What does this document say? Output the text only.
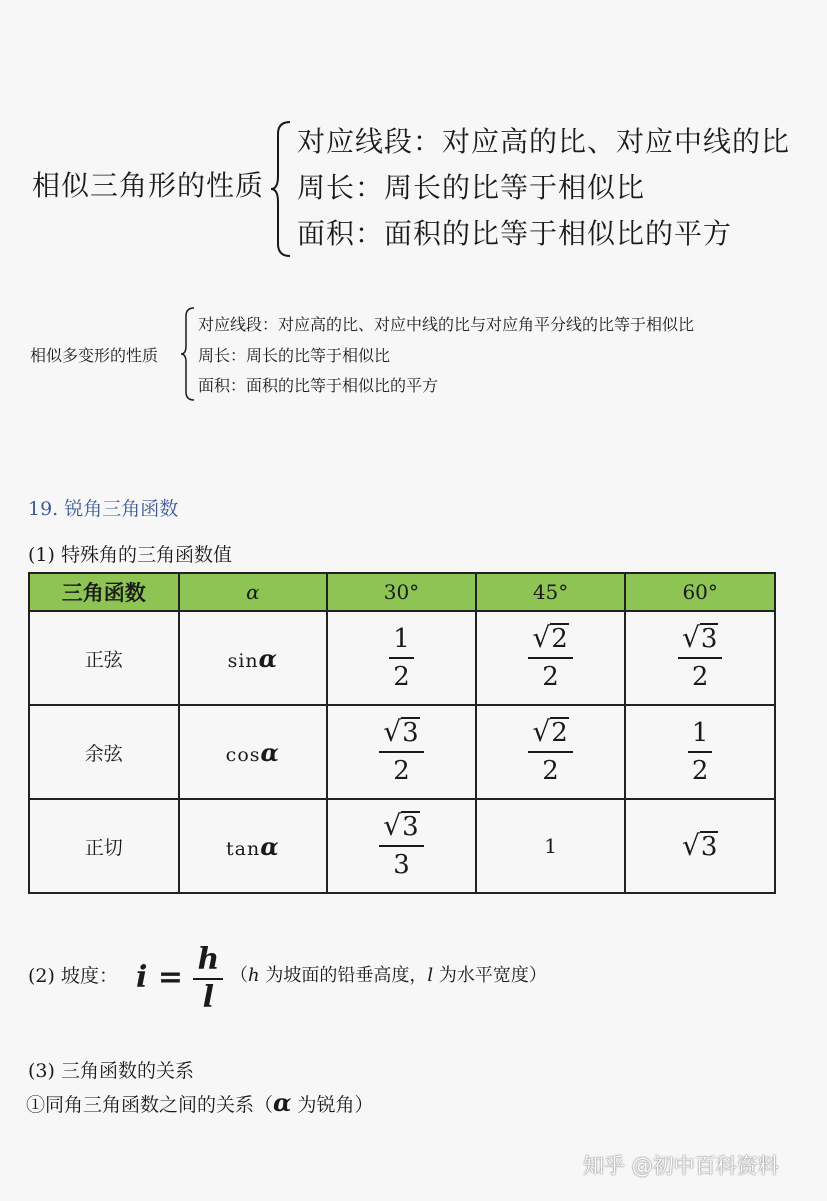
相似三角形的性质
对应线段：对应高的比、对应中线的比
周长：周长的比等于相似比
面积：面积的比等于相似比的平方
相似多变形的性质
对应线段：对应高的比、对应中线的比与对应角平分线的比等于相似比
周长：周长的比等于相似比
面积：面积的比等于相似比的平方
19. 锐角三角函数
(1) 特殊角的三角函数值
三角函数	α	30°	45°	60°
正弦	sinα	$\frac{1}{2}$	$\frac{√ 2}{2}$	$\frac{√ 3}{2}$

余弦	cosα	$\frac{√ 3}{2}$	$\frac{√ 2}{2}$	$\frac{1}{2}$

正切	tanα	$\frac{√ 3}{3}$	1	√ 3
(2) 坡度： $i = \frac{h}{l} (h$ 为坡面的铅垂高度，l 为水平宽度）
(3) 三角函数的关系
①同角三角函数之间的关系（α 为锐角）
知乎 @初中百科资料
